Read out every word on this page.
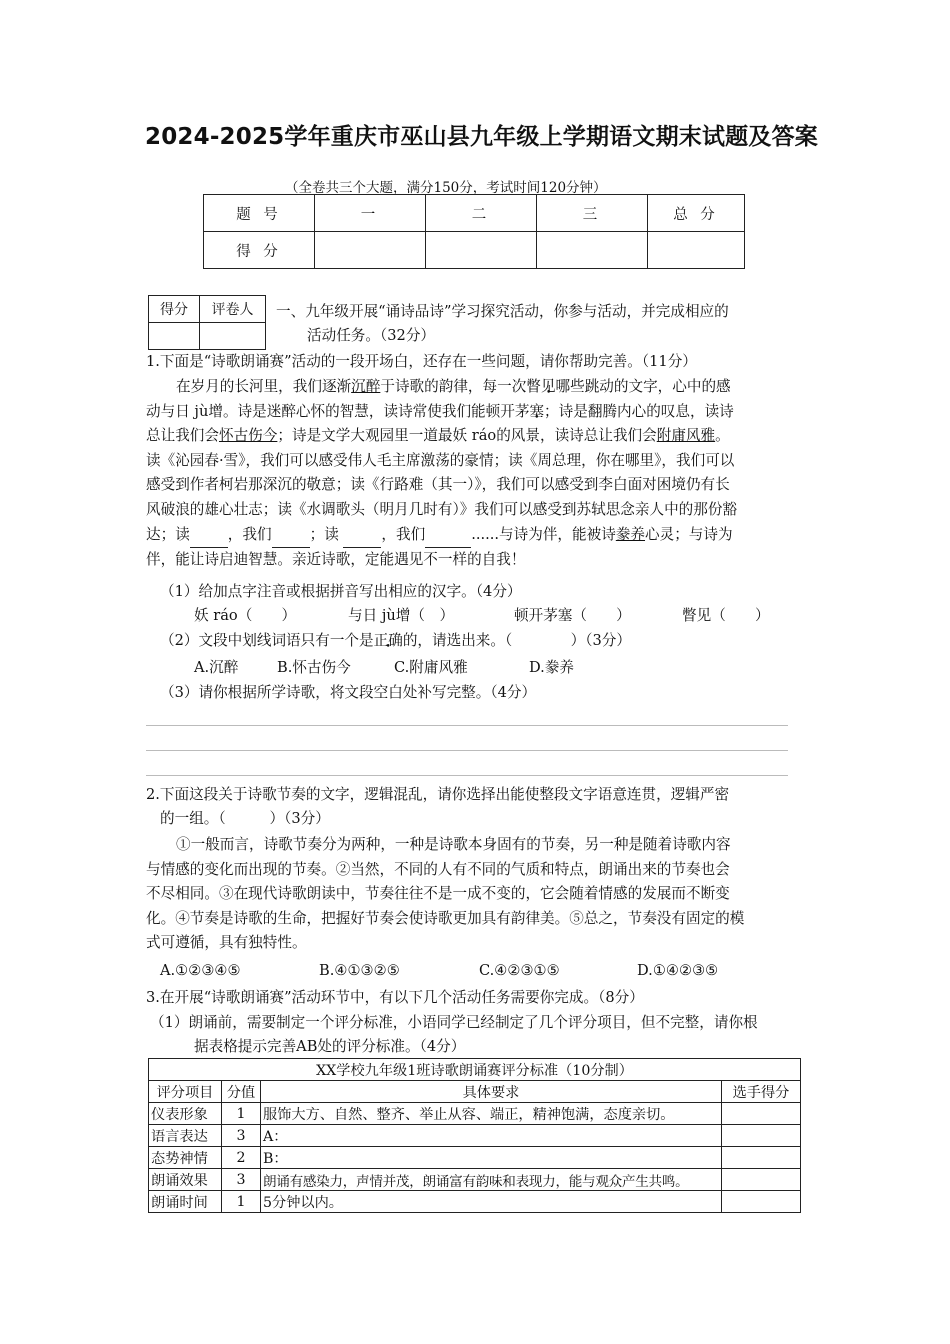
2024-2025学年重庆市巫山县九年级上学期语文期末试题及答案
（全卷共三个大题，满分150分，考试时间120分钟）
题 号	一	二	三	总 分
得 分				
得分	评卷人
	一、九年级开展“诵诗品诗”学习探究活动，你参与活动，并完成相应的
活动任务。（32分）
1.下面是“诗歌朗诵赛”活动的一段开场白，还存在一些问题，请你帮助完善。（11分）
在岁月的长河里，我们逐渐沉醉于诗歌的韵律，每一次瞥见哪些跳动的文字，心中的感
动与日 jù增。诗是迷醉心怀的智慧，读诗常使我们能顿开茅塞；诗是翻腾内心的叹息，读诗
总让我们会怀古伤今；诗是文学大观园里一道最妖 ráo的风景，读诗总让我们会附庸风雅。
读《沁园春·雪》，我们可以感受伟人毛主席激荡的豪情；读《周总理，你在哪里》，我们可以
感受到作者柯岩那深沉的敬意；读《行路难（其一）》，我们可以感受到李白面对困境仍有长
风破浪的雄心壮志；读《水调歌头（明月几时有）》我们可以感受到苏轼思念亲人中的那份豁
达；读	，我们	；读	，我们	......与诗为伴，能被诗豢养心灵；与诗为
伴，能让诗启迪智慧。亲近诗歌，定能遇见不一样的自我！
（1）给加点字注音或根据拼音写出相应的汉字。（4分）
妖 ráo（　　）	与日 jù增（　）	顿开茅塞（　　）	瞥见（　　）
（2）文段中划线词语只有一个是正确的，请选出来。（　　　　）（3分）
A.沉醉	B.怀古伤今	C.附庸风雅	D.豢养
（3）请你根据所学诗歌，将文段空白处补写完整。（4分）
2.下面这段关于诗歌节奏的文字，逻辑混乱，请你选择出能使整段文字语意连贯，逻辑严密
的一组。（　　　）（3分）
①一般而言，诗歌节奏分为两种，一种是诗歌本身固有的节奏，另一种是随着诗歌内容
与情感的变化而出现的节奏。②当然，不同的人有不同的气质和特点，朗诵出来的节奏也会
不尽相同。③在现代诗歌朗读中，节奏往往不是一成不变的，它会随着情感的发展而不断变
化。④节奏是诗歌的生命，把握好节奏会使诗歌更加具有韵律美。⑤总之，节奏没有固定的模
式可遵循，具有独特性。
A.①②③④⑤	B.④①③②⑤	C.④②③①⑤	D.①④②③⑤
3.在开展“诗歌朗诵赛”活动环节中，有以下几个活动任务需要你完成。（8分）
（1）朗诵前，需要制定一个评分标准，小语同学已经制定了几个评分项目，但不完整，请你根
据表格提示完善AB处的评分标准。（4分）
XX学校九年级1班诗歌朗诵赛评分标准（10分制）			
评分项目	分值	具体要求	选手得分
仪表形象	1	服饰大方、自然、整齐、举止从容、端正，精神饱满，态度亲切。	
语言表达	3	A：	
态势神情	2	B：	
朗诵效果	3	朗诵有感染力，声情并茂，朗诵富有韵味和表现力，能与观众产生共鸣。	
朗诵时间	1	5分钟以内。	
